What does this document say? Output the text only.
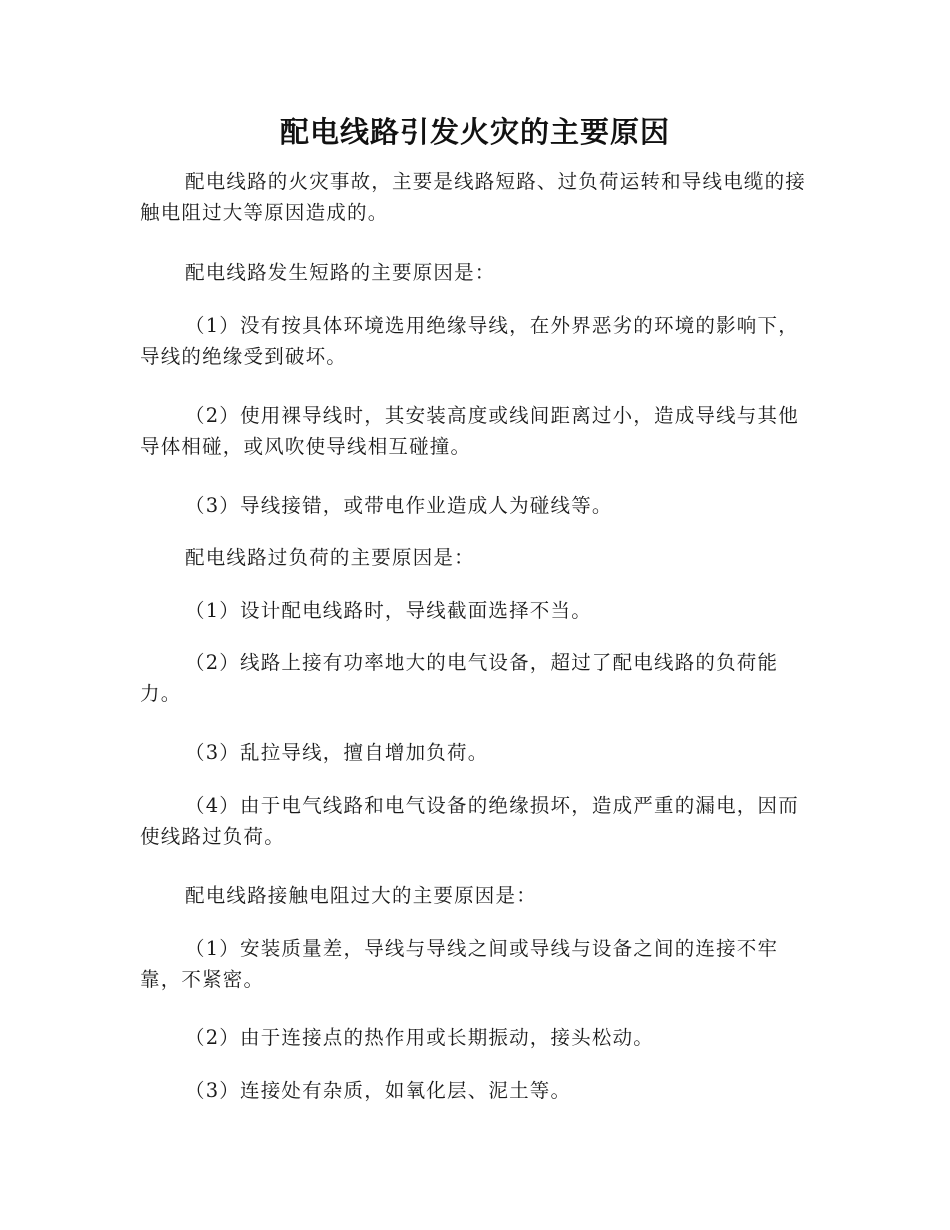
配电线路引发火灾的主要原因

配电线路的火灾事故，主要是线路短路、过负荷运转和导线电缆的接触电阻过大等原因造成的。

配电线路发生短路的主要原因是：

（1）没有按具体环境选用绝缘导线，在外界恶劣的环境的影响下，导线的绝缘受到破坏。

（2）使用裸导线时，其安装高度或线间距离过小，造成导线与其他导体相碰，或风吹使导线相互碰撞。

（3）导线接错，或带电作业造成人为碰线等。

配电线路过负荷的主要原因是：

（1）设计配电线路时，导线截面选择不当。

（2）线路上接有功率地大的电气设备，超过了配电线路的负荷能力。

（3）乱拉导线，擅自增加负荷。

（4）由于电气线路和电气设备的绝缘损坏，造成严重的漏电，因而使线路过负荷。

配电线路接触电阻过大的主要原因是：

（1）安装质量差，导线与导线之间或导线与设备之间的连接不牢靠，不紧密。

（2）由于连接点的热作用或长期振动，接头松动。

（3）连接处有杂质，如氧化层、泥土等。
